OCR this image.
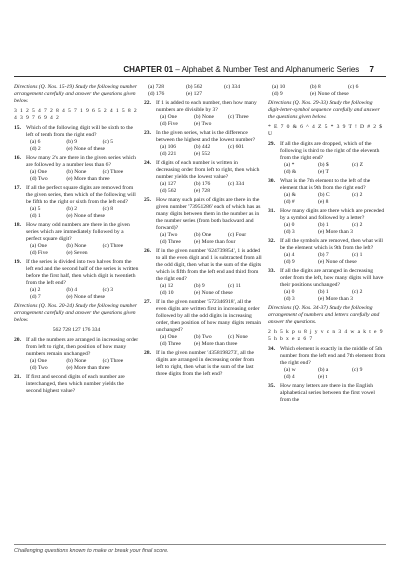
CHAPTER 01 – Alphabet & Number Test and Alphanumeric Series 7
Directions (Q. Nos. 15-19) Study the following number arrangement carefully and answer the questions given below.
3 1 2 5 4 7 2 8 4 5 7 1 9 6 5 2 4 1 5 8 2 4 3 9 7 6 9 4 2
15. Which of the following digit will be sixth to the left of tenth from the right end?
(a) 6	(b) 9	(c) 5
(d) 2	(e) None of these
16. How many 2's are there in the given series which are followed by a number less than 6?
(a) One	(b) None	(c) Three
(d) Two	(e) More than three
17. If all the perfect square digits are removed from the given series, then which of the following will be fifth to the right or sixth from the left end?
(a) 5	(b) 2	(c) 8
(d) 1	(e) None of these
18. How many odd numbers are there in the given series which are immediately followed by a perfect square digit?
(a) One	(b) None	(c) Three
(d) Five	(e) Seven
19. If the series is divided into two halves from the left end and the second half of the series is written before the first half, then which digit is twentieth from the left end?
(a) 2	(b) 4	(c) 3
(d) 7	(e) None of these
Directions (Q. Nos. 20-24) Study the following number arrangement carefully and answer the questions given below.
562 728 127 176 334
20. If all the numbers are arranged in increasing order from left to right, then position of how many numbers remain unchanged?
(a) One	(b) None	(c) Three
(d) Two	(e) More than three
21. If first and second digits of each number are interchanged, then which number yields the second highest value?
(a) 728	(b) 562	(c) 334
(d) 176	(e) 127
22. If 1 is added to each number, then how many numbers are divisible by 3?
(a) One	(b) None	(c) Three
(d) Five	(e) Two
23. In the given series, what is the difference between the highest and the lowest number?
(a) 106	(b) 442	(c) 601
(d) 221	(e) 552
24. If digits of each number is written in decreasing order from left to right, then which number yields the lowest value?
(a) 127	(b) 176	(c) 334
(d) 562	(e) 728
25. How many such pairs of digits are there in the given number '73951286' each of which has as many digits between them in the number as in the number series (from both backward and forward)?
(a) Two	(b) One	(c) Four
(d) Three	(e) More than four
26. If in the given number '6247398​54', 1 is added to all the even digit and 1 is subtracted from all the odd digit, then what is the sum of the digits which is fifth from the left end and third from the right end?
(a) 12	(b) 9	(c) 11
(d) 10	(e) None of these
27. If in the given number '572346918', all the even digits are written first in increasing order followed by all the odd digits in increasing order, then position of how many digits remain unchanged?
(a) One	(b) Two	(c) None
(d) Three	(e) More than three
28. If in the given number '4358198273', all the digits are arranged in decreasing order from left to right, then what is the sum of the last three digits from the left end?
(a) 10	(b) 8	(c) 6
(d) 9	(e) None of these
Directions (Q. Nos. 29-33) Study the following digit-letter-symbol sequence carefully and answer the questions given below.
* E 7 0 & 6 ^ 4 Z 5 * 3 9 T ! D # 2 $ U
29. If all the digits are dropped, which of the following is third to the right of the eleventh from the right end?
(a) *	(b) $	(c) Z
(d) &	(e) T
30. What is the 7th element to the left of the element that is 9th from the right end?
(a) &	(b) C	(c) 2
(d) #	(e) 8
31. How many digits are there which are preceded by a symbol and followed by a letter?
(a) 0	(b) 1	(c) 2
(d) 3	(e) More than 3
32. If all the symbols are removed, then what will be the element which is 9th from the left?
(a) 4	(b) 7	(c) 1
(d) 9	(e) None of these
33. If all the digits are arranged in decreasing order from the left, how many digits will have their positions unchanged?
(a) 0	(b) 1	(c) 2
(d) 3	(e) More than 3
Directions (Q. Nos. 34-37) Study the following arrangement of numbers and letters carefully and answer the questions.
2 h 5 k p u 8 j y v c n 3 4 w a k t e 9 5 h b x e z 6 7
34. Which element is exactly in the middle of 5th number from the left end and 7th element from the right end?
(a) w	(b) a	(c) 9
(d) 4	(e) t
35. How many letters are there in the English alphabetical series between the first vowel from the
Challenging questions known to make or break your final score.
